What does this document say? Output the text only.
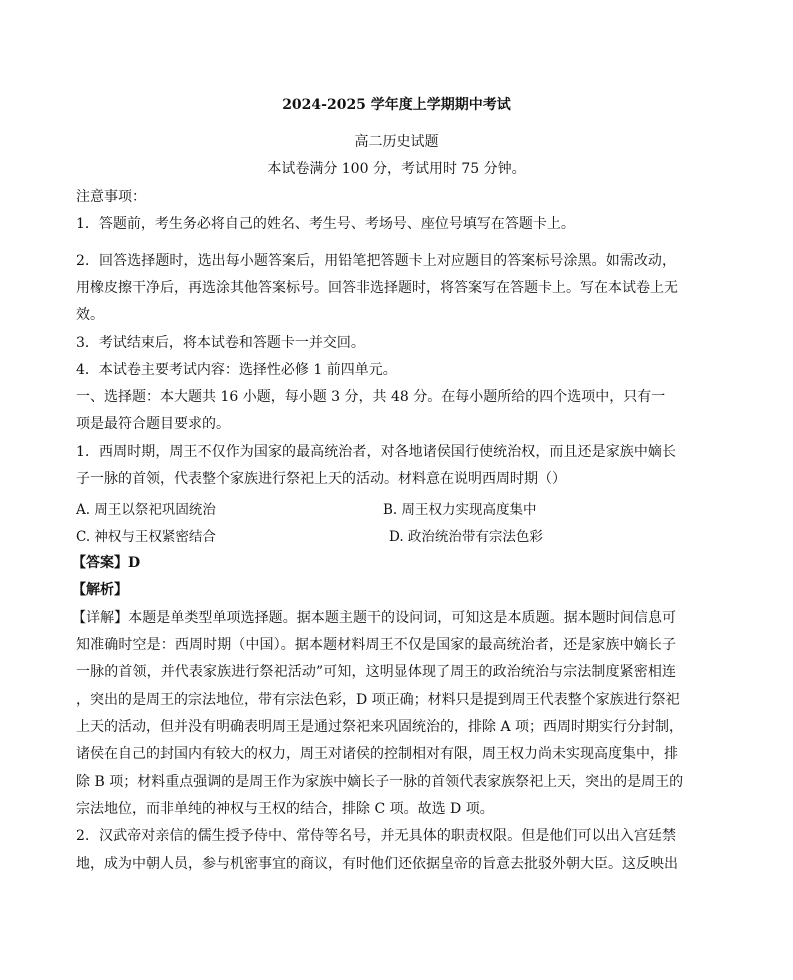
2024-2025 学年度上学期期中考试
高二历史试题
本试卷满分 100 分，考试用时 75 分钟。
注意事项：
1．答题前，考生务必将自己的姓名、考生号、考场号、座位号填写在答题卡上。
2．回答选择题时，选出每小题答案后，用铅笔把答题卡上对应题目的答案标号涂黑。如需改动，
用橡皮擦干净后，再选涂其他答案标号。回答非选择题时，将答案写在答题卡上。写在本试卷上无
效。
3．考试结束后，将本试卷和答题卡一并交回。
4．本试卷主要考试内容：选择性必修 1 前四单元。
一、选择题：本大题共 16 小题，每小题 3 分，共 48 分。在每小题所给的四个选项中，只有一
项是最符合题目要求的。
1．西周时期，周王不仅作为国家的最高统治者，对各地诸侯国行使统治权，而且还是家族中嫡长
子一脉的首领，代表整个家族进行祭祀上天的活动。材料意在说明西周时期（）
A. 周王以祭祀巩固统治	B. 周王权力实现高度集中
C. 神权与王权紧密结合	D. 政治统治带有宗法色彩
【答案】D
【解析】
【详解】本题是单类型单项选择题。据本题主题干的设问词，可知这是本质题。据本题时间信息可
知准确时空是：西周时期（中国）。据本题材料周王不仅是国家的最高统治者，还是家族中嫡长子
一脉的首领，并代表家族进行祭祀活动”可知，这明显体现了周王的政治统治与宗法制度紧密相连
，突出的是周王的宗法地位，带有宗法色彩，D 项正确；材料只是提到周王代表整个家族进行祭祀
上天的活动，但并没有明确表明周王是通过祭祀来巩固统治的，排除 A 项；西周时期实行分封制，
诸侯在自己的封国内有较大的权力，周王对诸侯的控制相对有限，周王权力尚未实现高度集中，排
除 B 项；材料重点强调的是周王作为家族中嫡长子一脉的首领代表家族祭祀上天，突出的是周王的
宗法地位，而非单纯的神权与王权的结合，排除 C 项。故选 D 项。
2．汉武帝对亲信的儒生授予侍中、常侍等名号，并无具体的职责权限。但是他们可以出入宫廷禁
地，成为中朝人员，参与机密事宜的商议，有时他们还依据皇帝的旨意去批驳外朝大臣。这反映出
